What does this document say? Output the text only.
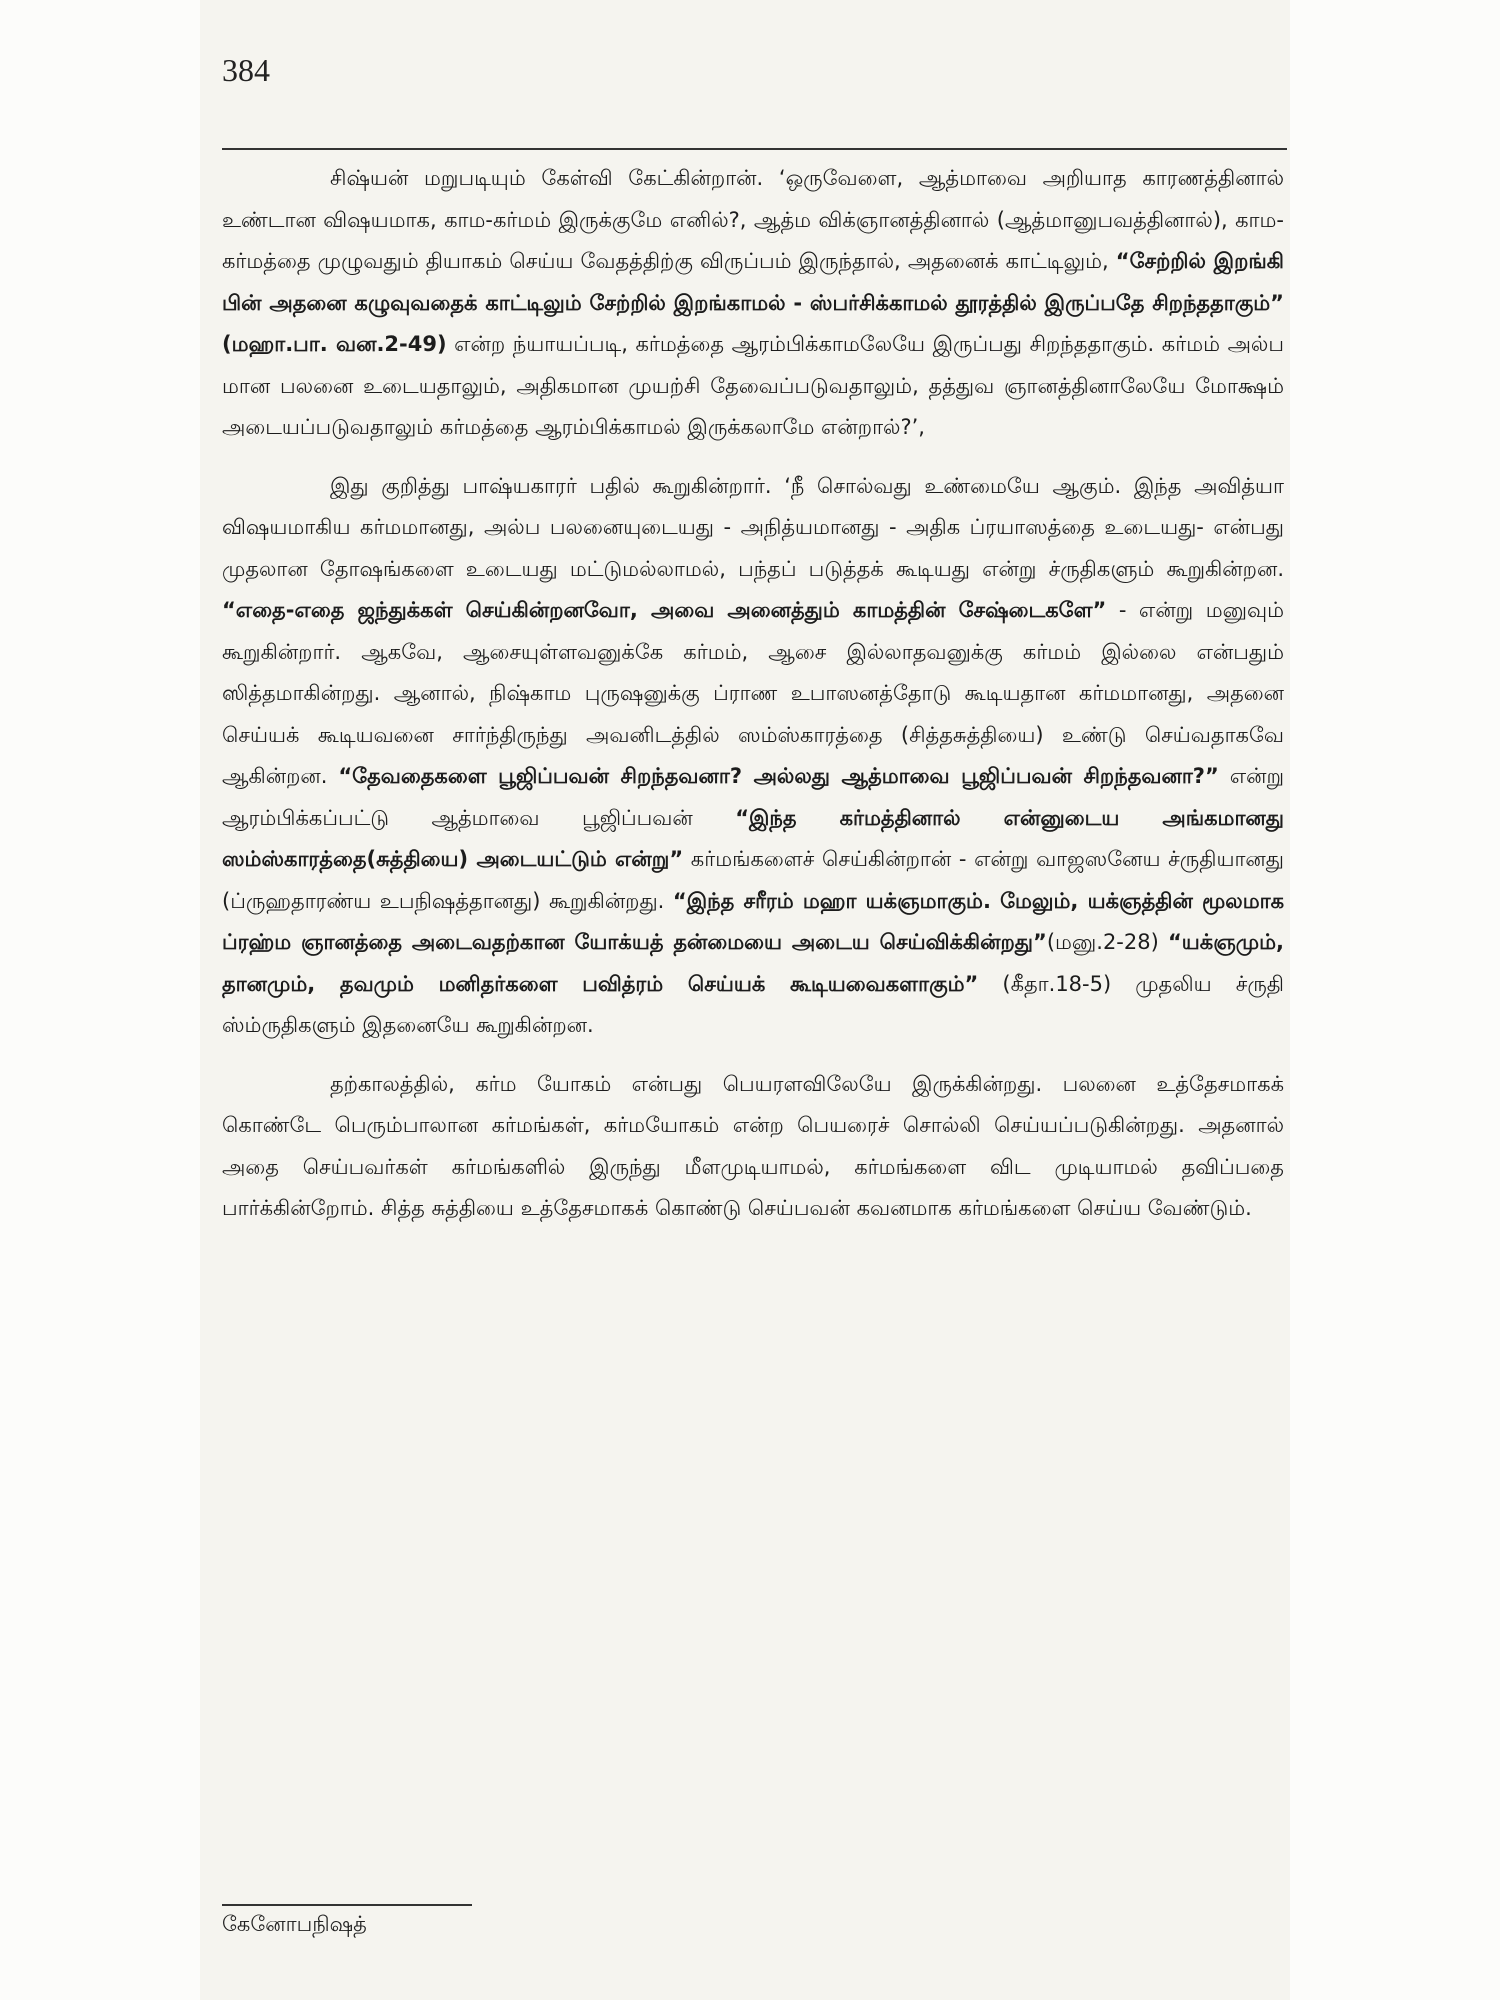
384

சிஷ்யன் மறுபடியும் கேள்வி கேட்கின்றான். ‘ஒருவேளை, ஆத்மாவை அறியாத காரணத்தினால் உண்டான விஷயமாக, காம-கர்மம் இருக்குமே எனில்?, ஆத்ம விக்ஞானத்தினால் (ஆத்மானுபவத்தினால்), காம-கர்மத்தை முழுவதும் தியாகம் செய்ய வேதத்திற்கு விருப்பம் இருந்தால், அதனைக் காட்டிலும், “சேற்றில் இறங்கி பின் அதனை கழுவுவதைக் காட்டிலும் சேற்றில் இறங்காமல் - ஸ்பர்சிக்காமல் தூரத்தில் இருப்பதே சிறந்ததாகும்” (மஹா.பா. வன.2-49) என்ற ந்யாயப்படி, கர்மத்தை ஆரம்பிக்காமலேயே இருப்பது சிறந்ததாகும். கர்மம் அல்ப மான பலனை உடையதாலும், அதிகமான முயற்சி தேவைப்படுவதாலும், தத்துவ ஞானத்தினாலேயே மோக்ஷம் அடையப்படுவதாலும் கர்மத்தை ஆரம்பிக்காமல் இருக்கலாமே என்றால்?’,

இது குறித்து பாஷ்யகாரர் பதில் கூறுகின்றார். ‘நீ சொல்வது உண்மையே ஆகும். இந்த அவித்யா விஷயமாகிய கர்மமானது, அல்ப பலனையுடையது - அநித்யமானது - அதிக ப்ரயாஸத்தை உடையது- என்பது முதலான தோஷங்களை உடையது மட்டுமல்லாமல், பந்தப் படுத்தக் கூடியது என்று ச்ருதிகளும் கூறுகின்றன. “எதை-எதை ஜந்துக்கள் செய்கின்றனவோ, அவை அனைத்தும் காமத்தின் சேஷ்டைகளே” - என்று மனுவும் கூறுகின்றார். ஆகவே, ஆசையுள்ளவனுக்கே கர்மம், ஆசை இல்லாதவனுக்கு கர்மம் இல்லை என்பதும் ஸித்தமாகின்றது. ஆனால், நிஷ்காம புருஷனுக்கு ப்ராண உபாஸனத்தோடு கூடியதான கர்மமானது, அதனை செய்யக் கூடியவனை சார்ந்திருந்து அவனிடத்தில் ஸம்ஸ்காரத்தை (சித்தசுத்தியை) உண்டு செய்வதாகவே ஆகின்றன. “தேவதைகளை பூஜிப்பவன் சிறந்தவனா? அல்லது ஆத்மாவை பூஜிப்பவன் சிறந்தவனா?” என்று ஆரம்பிக்கப்பட்டு ஆத்மாவை பூஜிப்பவன் “இந்த கர்மத்தினால் என்னுடைய அங்கமானது ஸம்ஸ்காரத்தை(சுத்தியை) அடையட்டும் என்று” கர்மங்களைச் செய்கின்றான் - என்று வாஜஸனேய ச்ருதியானது (ப்ருஹதாரண்ய உபநிஷத்தானது) கூறுகின்றது. “இந்த சரீரம் மஹா யக்ஞமாகும். மேலும், யக்ஞத்தின் மூலமாக ப்ரஹ்ம ஞானத்தை அடைவதற்கான யோக்யத் தன்மையை அடைய செய்விக்கின்றது”(மனு.2-28) “யக்ஞமும், தானமும், தவமும் மனிதர்களை பவித்ரம் செய்யக் கூடியவைகளாகும்” (கீதா.18-5) முதலிய ச்ருதி ஸ்ம்ருதிகளும் இதனையே கூறுகின்றன.

தற்காலத்தில், கர்ம யோகம் என்பது பெயரளவிலேயே இருக்கின்றது. பலனை உத்தேசமாகக் கொண்டே பெரும்பாலான கர்மங்கள், கர்மயோகம் என்ற பெயரைச் சொல்லி செய்யப்படுகின்றது. அதனால் அதை செய்பவர்கள் கர்மங்களில் இருந்து மீளமுடியாமல், கர்மங்களை விட முடியாமல் தவிப்பதை பார்க்கின்றோம். சித்த சுத்தியை உத்தேசமாகக் கொண்டு செய்பவன் கவனமாக கர்மங்களை செய்ய வேண்டும்.

கேனோபநிஷத்
